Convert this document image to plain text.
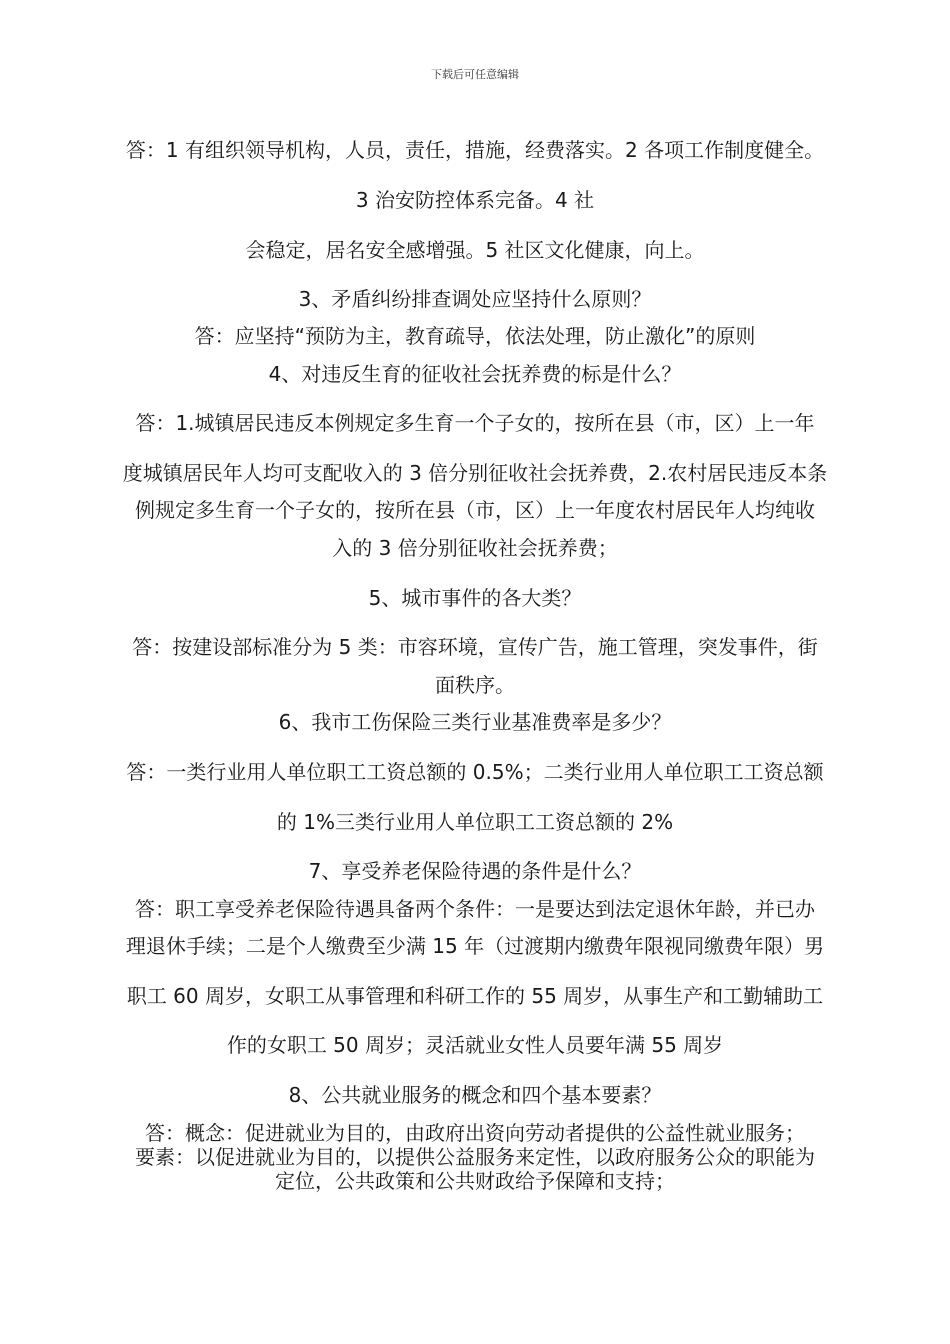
下载后可任意编辑
答：1 有组织领导机构，人员，责任，措施，经费落实。2 各项工作制度健全。
3 治安防控体系完备。4 社
会稳定，居名安全感增强。5 社区文化健康，向上。
3、矛盾纠纷排查调处应坚持什么原则？
答：应坚持“预防为主，教育疏导，依法处理，防止激化”的原则
4、对违反生育的征收社会抚养费的标是什么？
答：1.城镇居民违反本例规定多生育一个子女的，按所在县（市，区）上一年
度城镇居民年人均可支配收入的 3 倍分别征收社会抚养费，2.农村居民违反本条
例规定多生育一个子女的，按所在县（市，区）上一年度农村居民年人均纯收
入的 3 倍分别征收社会抚养费；
5、城市事件的各大类？
答：按建设部标准分为 5 类：市容环境，宣传广告，施工管理，突发事件，街
面秩序。
6、我市工伤保险三类行业基准费率是多少？
答：一类行业用人单位职工工资总额的 0.5%；二类行业用人单位职工工资总额
的 1%三类行业用人单位职工工资总额的 2%
7、享受养老保险待遇的条件是什么？
答：职工享受养老保险待遇具备两个条件：一是要达到法定退休年龄，并已办
理退休手续；二是个人缴费至少满 15 年（过渡期内缴费年限视同缴费年限）男
职工 60 周岁，女职工从事管理和科研工作的 55 周岁，从事生产和工勤辅助工
作的女职工 50 周岁；灵活就业女性人员要年满 55 周岁
8、公共就业服务的概念和四个基本要素？
答：概念：促进就业为目的，由政府出资向劳动者提供的公益性就业服务；
要素：以促进就业为目的，以提供公益服务来定性，以政府服务公众的职能为
定位，公共政策和公共财政给予保障和支持；
